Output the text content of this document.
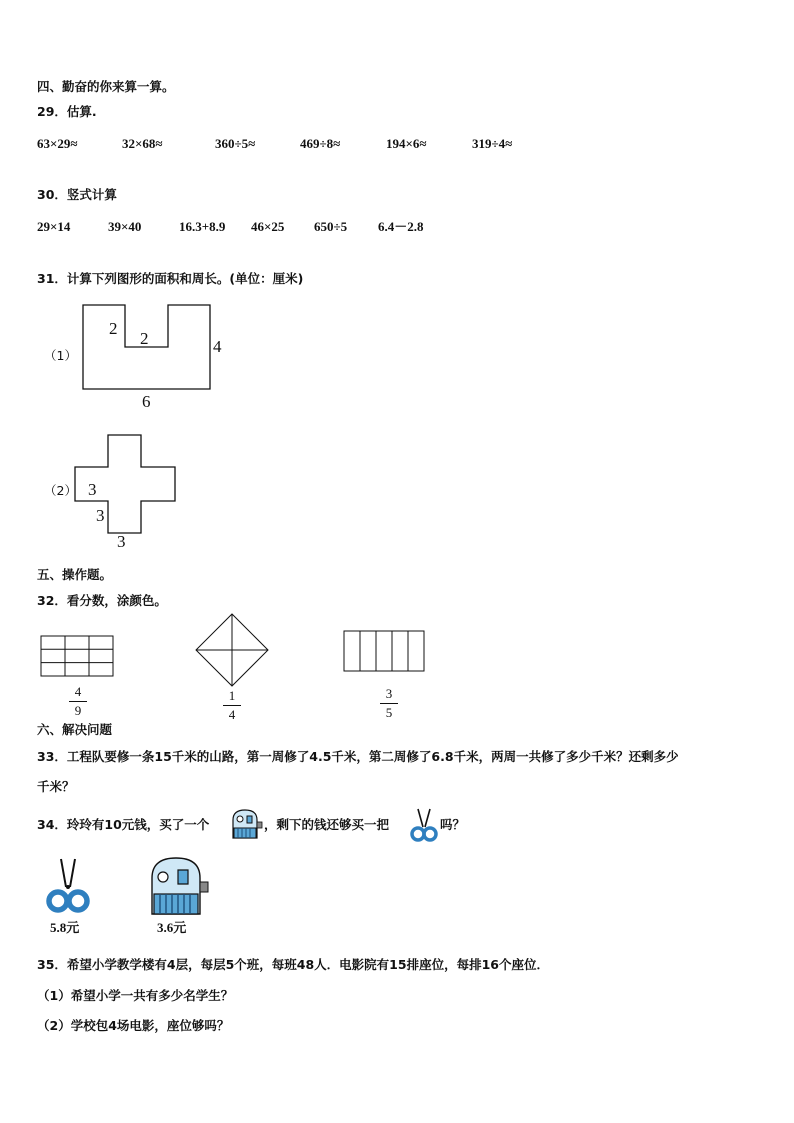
四、勤奋的你来算一算。
29．估算.
63×29≈	32×68≈	360÷5≈	469÷8≈	194×6≈	319÷4≈
30．竖式计算
29×14	39×40	16.3+8.9 46×25 650÷5 6.4－2.8
31．计算下列图形的面积和周长。(单位：厘米)
（1）
2
2	4
6
（2） 3
3
3
五、操作题。
32．看分数，涂颜色。
4
9
1
4
3
5
六、解决问题
33．工程队要修一条15千米的山路，第一周修了4.5千米，第二周修了6.8千米，两周一共修了多少千米？还剩多少
千米？
34．玲玲有10元钱，买了一个	，剩下的钱还够买一把	吗？
5.8元	3.6元
35．希望小学教学楼有4层，每层5个班，每班48人．电影院有15排座位，每排16个座位．
（1）希望小学一共有多少名学生？
（2）学校包4场电影，座位够吗？
